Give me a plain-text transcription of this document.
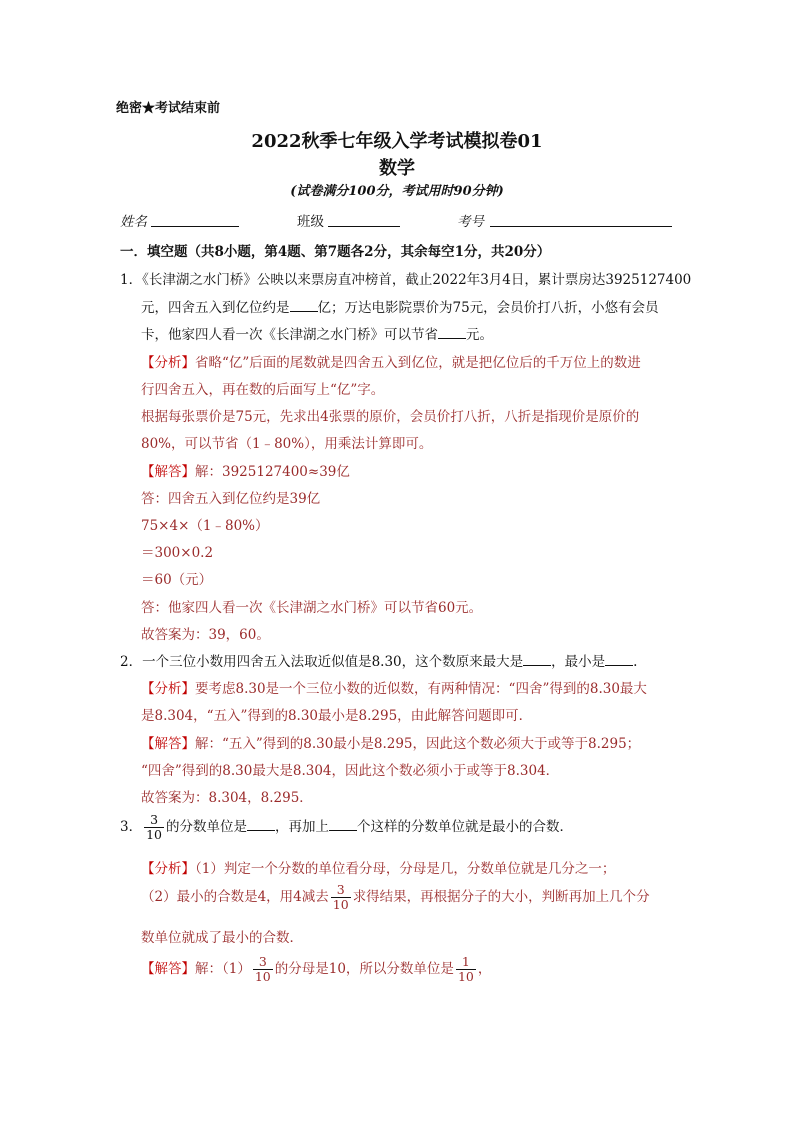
绝密★考试结束前
2022秋季七年级入学考试模拟卷01
数学
(试卷满分100分，考试用时90分钟)
姓名	班级	考号
一．填空题（共8小题，第4题、第7题各2分，其余每空1分，共20分）
1．《长津湖之水门桥》公映以来票房直冲榜首，截止2022年3月4日，累计票房达3925127400
元，四舍五入到亿位约是 亿；万达电影院票价为75元，会员价打八折，小悠有会员
卡，他家四人看一次《长津湖之水门桥》可以节省 元。
【分析】省略“亿”后面的尾数就是四舍五入到亿位，就是把亿位后的千万位上的数进
行四舍五入，再在数的后面写上“亿”字。
根据每张票价是75元，先求出4张票的原价，会员价打八折，八折是指现价是原价的
80%，可以节省（1﹣80%），用乘法计算即可。
【解答】解：3925127400≈39亿
答：四舍五入到亿位约是39亿
75×4×（1﹣80%）
＝300×0.2
＝60（元）
答：他家四人看一次《长津湖之水门桥》可以节省60元。
故答案为：39，60。
2．一个三位小数用四舍五入法取近似值是8.30，这个数原来最大是 ，最小是 .
【分析】要考虑8.30是一个三位小数的近似数，有两种情况：“四舍”得到的8.30最大
是8.304，“五入”得到的8.30最小是8.295，由此解答问题即可．
【解答】解：“五入”得到的8.30最小是8.295，因此这个数必须大于或等于8.295；
“四舍”得到的8.30最大是8.304，因此这个数必须小于或等于8.304．
故答案为：8.304，8.295．
3． $\frac{3}{10}$ 的分数单位是 ，再加上 个这样的分数单位就是最小的合数．
【分析】（1）判定一个分数的单位看分母，分母是几，分数单位就是几分之一；
（2）最小的合数是4，用4减去 $\frac{3}{10}$ 求得结果，再根据分子的大小，判断再加上几个分
数单位就成了最小的合数．
【解答】解：$(1) \frac{3}{10}$ 的分母是10，所以分数单位是 $\frac{1}{10}$ ，
